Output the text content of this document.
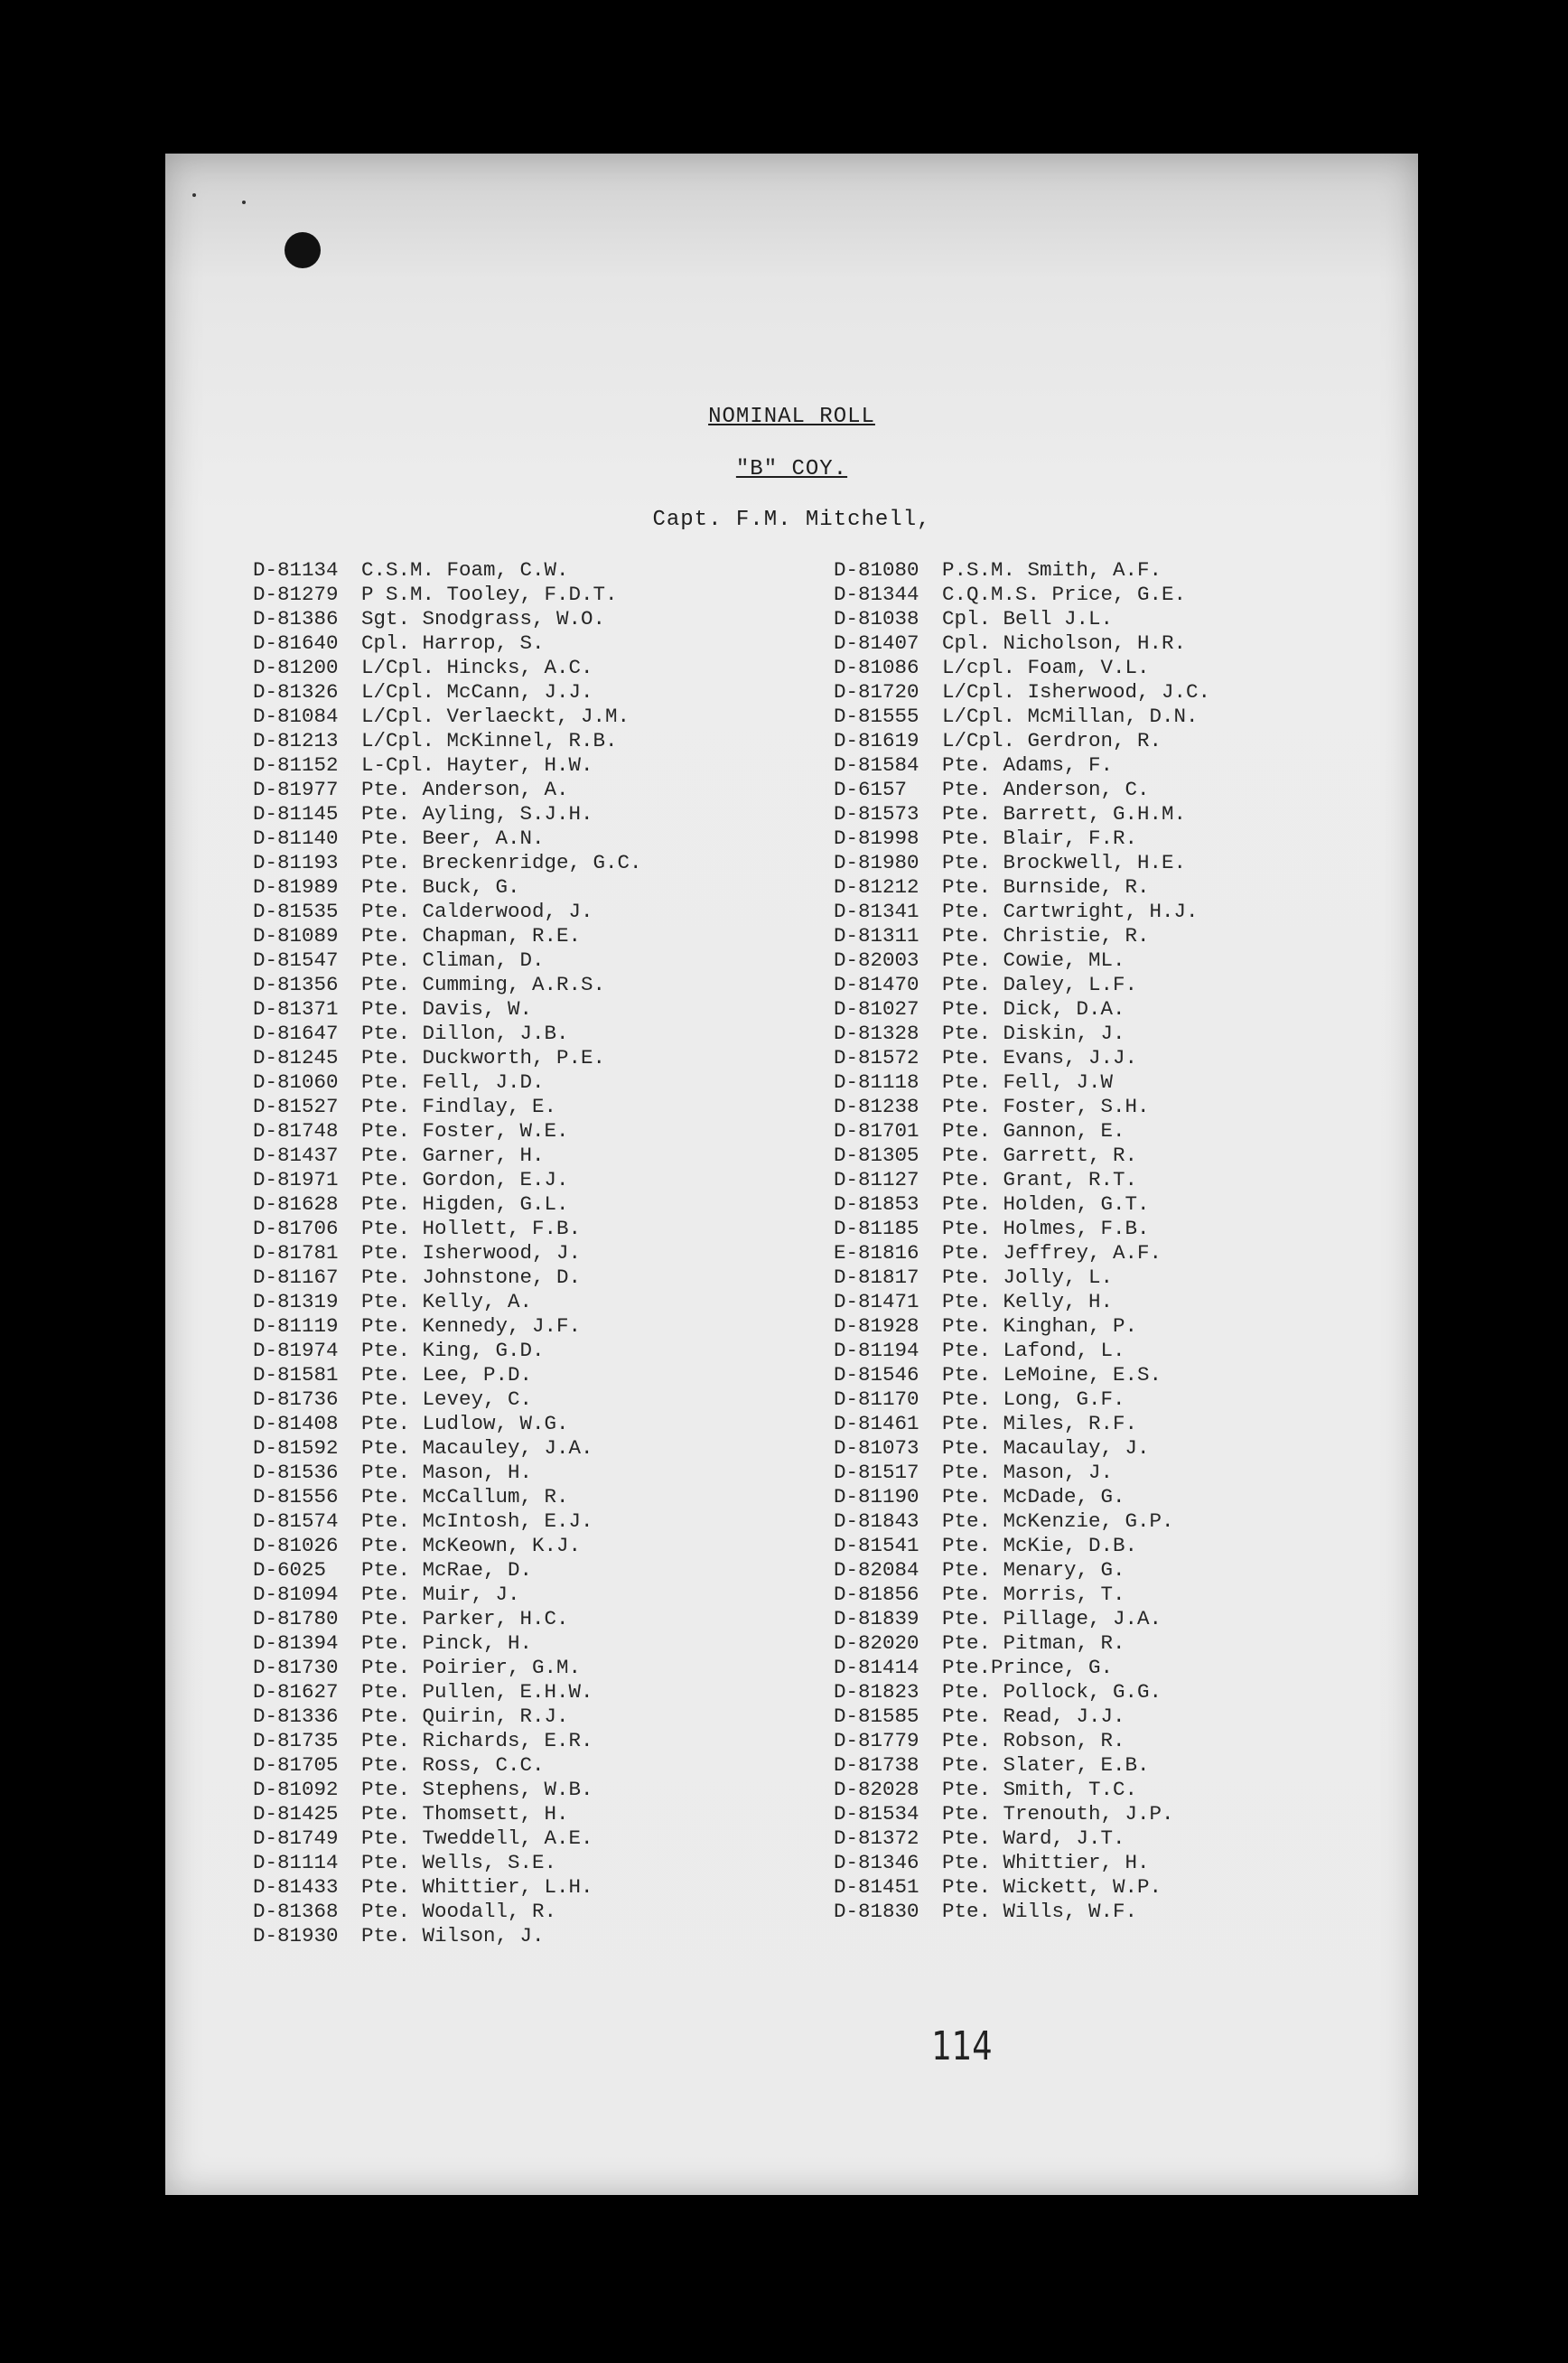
NOMINAL ROLL
"B" COY.
Capt. F.M. Mitchell,
D-81134 C.S.M. Foam, C.W.
D-81279 P S.M. Tooley, F.D.T.
D-81386 Sgt. Snodgrass, W.O.
D-81640 Cpl. Harrop, S.
D-81200 L/Cpl. Hincks, A.C.
D-81326 L/Cpl. McCann, J.J.
D-81084 L/Cpl. Verlaeckt, J.M.
D-81213 L/Cpl. McKinnel, R.B.
D-81152 L-Cpl. Hayter, H.W.
D-81977 Pte. Anderson, A.
D-81145 Pte. Ayling, S.J.H.
D-81140 Pte. Beer, A.N.
D-81193 Pte. Breckenridge, G.C.
D-81989 Pte. Buck, G.
D-81535 Pte. Calderwood, J.
D-81089 Pte. Chapman, R.E.
D-81547 Pte. Climan, D.
D-81356 Pte. Cumming, A.R.S.
D-81371 Pte. Davis, W.
D-81647 Pte. Dillon, J.B.
D-81245 Pte. Duckworth, P.E.
D-81060 Pte. Fell, J.D.
D-81527 Pte. Findlay, E.
D-81748 Pte. Foster, W.E.
D-81437 Pte. Garner, H.
D-81971 Pte. Gordon, E.J.
D-81628 Pte. Higden, G.L.
D-81706 Pte. Hollett, F.B.
D-81781 Pte. Isherwood, J.
D-81167 Pte. Johnstone, D.
D-81319 Pte. Kelly, A.
D-81119 Pte. Kennedy, J.F.
D-81974 Pte. King, G.D.
D-81581 Pte. Lee, P.D.
D-81736 Pte. Levey, C.
D-81408 Pte. Ludlow, W.G.
D-81592 Pte. Macauley, J.A.
D-81536 Pte. Mason, H.
D-81556 Pte. McCallum, R.
D-81574 Pte. McIntosh, E.J.
D-81026 Pte. McKeown, K.J.
D-6025 Pte. McRae, D.
D-81094 Pte. Muir, J.
D-81780 Pte. Parker, H.C.
D-81394 Pte. Pinck, H.
D-81730 Pte. Poirier, G.M.
D-81627 Pte. Pullen, E.H.W.
D-81336 Pte. Quirin, R.J.
D-81735 Pte. Richards, E.R.
D-81705 Pte. Ross, C.C.
D-81092 Pte. Stephens, W.B.
D-81425 Pte. Thomsett, H.
D-81749 Pte. Tweddell, A.E.
D-81114 Pte. Wells, S.E.
D-81433 Pte. Whittier, L.H.
D-81368 Pte. Woodall, R.
D-81930 Pte. Wilson, J.
D-81080 P.S.M. Smith, A.F.
D-81344 C.Q.M.S. Price, G.E.
D-81038 Cpl. Bell J.L.
D-81407 Cpl. Nicholson, H.R.
D-81086 L/cpl. Foam, V.L.
D-81720 L/Cpl. Isherwood, J.C.
D-81555 L/Cpl. McMillan, D.N.
D-81619 L/Cpl. Gerdron, R.
D-81584 Pte. Adams, F.
D-6157 Pte. Anderson, C.
D-81573 Pte. Barrett, G.H.M.
D-81998 Pte. Blair, F.R.
D-81980 Pte. Brockwell, H.E.
D-81212 Pte. Burnside, R.
D-81341 Pte. Cartwright, H.J.
D-81311 Pte. Christie, R.
D-82003 Pte. Cowie, ML.
D-81470 Pte. Daley, L.F.
D-81027 Pte. Dick, D.A.
D-81328 Pte. Diskin, J.
D-81572 Pte. Evans, J.J.
D-81118 Pte. Fell, J.W
D-81238 Pte. Foster, S.H.
D-81701 Pte. Gannon, E.
D-81305 Pte. Garrett, R.
D-81127 Pte. Grant, R.T.
D-81853 Pte. Holden, G.T.
D-81185 Pte. Holmes, F.B.
E-81816 Pte. Jeffrey, A.F.
D-81817 Pte. Jolly, L.
D-81471 Pte. Kelly, H.
D-81928 Pte. Kinghan, P.
D-81194 Pte. Lafond, L.
D-81546 Pte. LeMoine, E.S.
D-81170 Pte. Long, G.F.
D-81461 Pte. Miles, R.F.
D-81073 Pte. Macaulay, J.
D-81517 Pte. Mason, J.
D-81190 Pte. McDade, G.
D-81843 Pte. McKenzie, G.P.
D-81541 Pte. McKie, D.B.
D-82084 Pte. Menary, G.
D-81856 Pte. Morris, T.
D-81839 Pte. Pillage, J.A.
D-82020 Pte. Pitman, R.
D-81414 Pte.Prince, G.
D-81823 Pte. Pollock, G.G.
D-81585 Pte. Read, J.J.
D-81779 Pte. Robson, R.
D-81738 Pte. Slater, E.B.
D-82028 Pte. Smith, T.C.
D-81534 Pte. Trenouth, J.P.
D-81372 Pte. Ward, J.T.
D-81346 Pte. Whittier, H.
D-81451 Pte. Wickett, W.P.
D-81830 Pte. Wills, W.F.
114
